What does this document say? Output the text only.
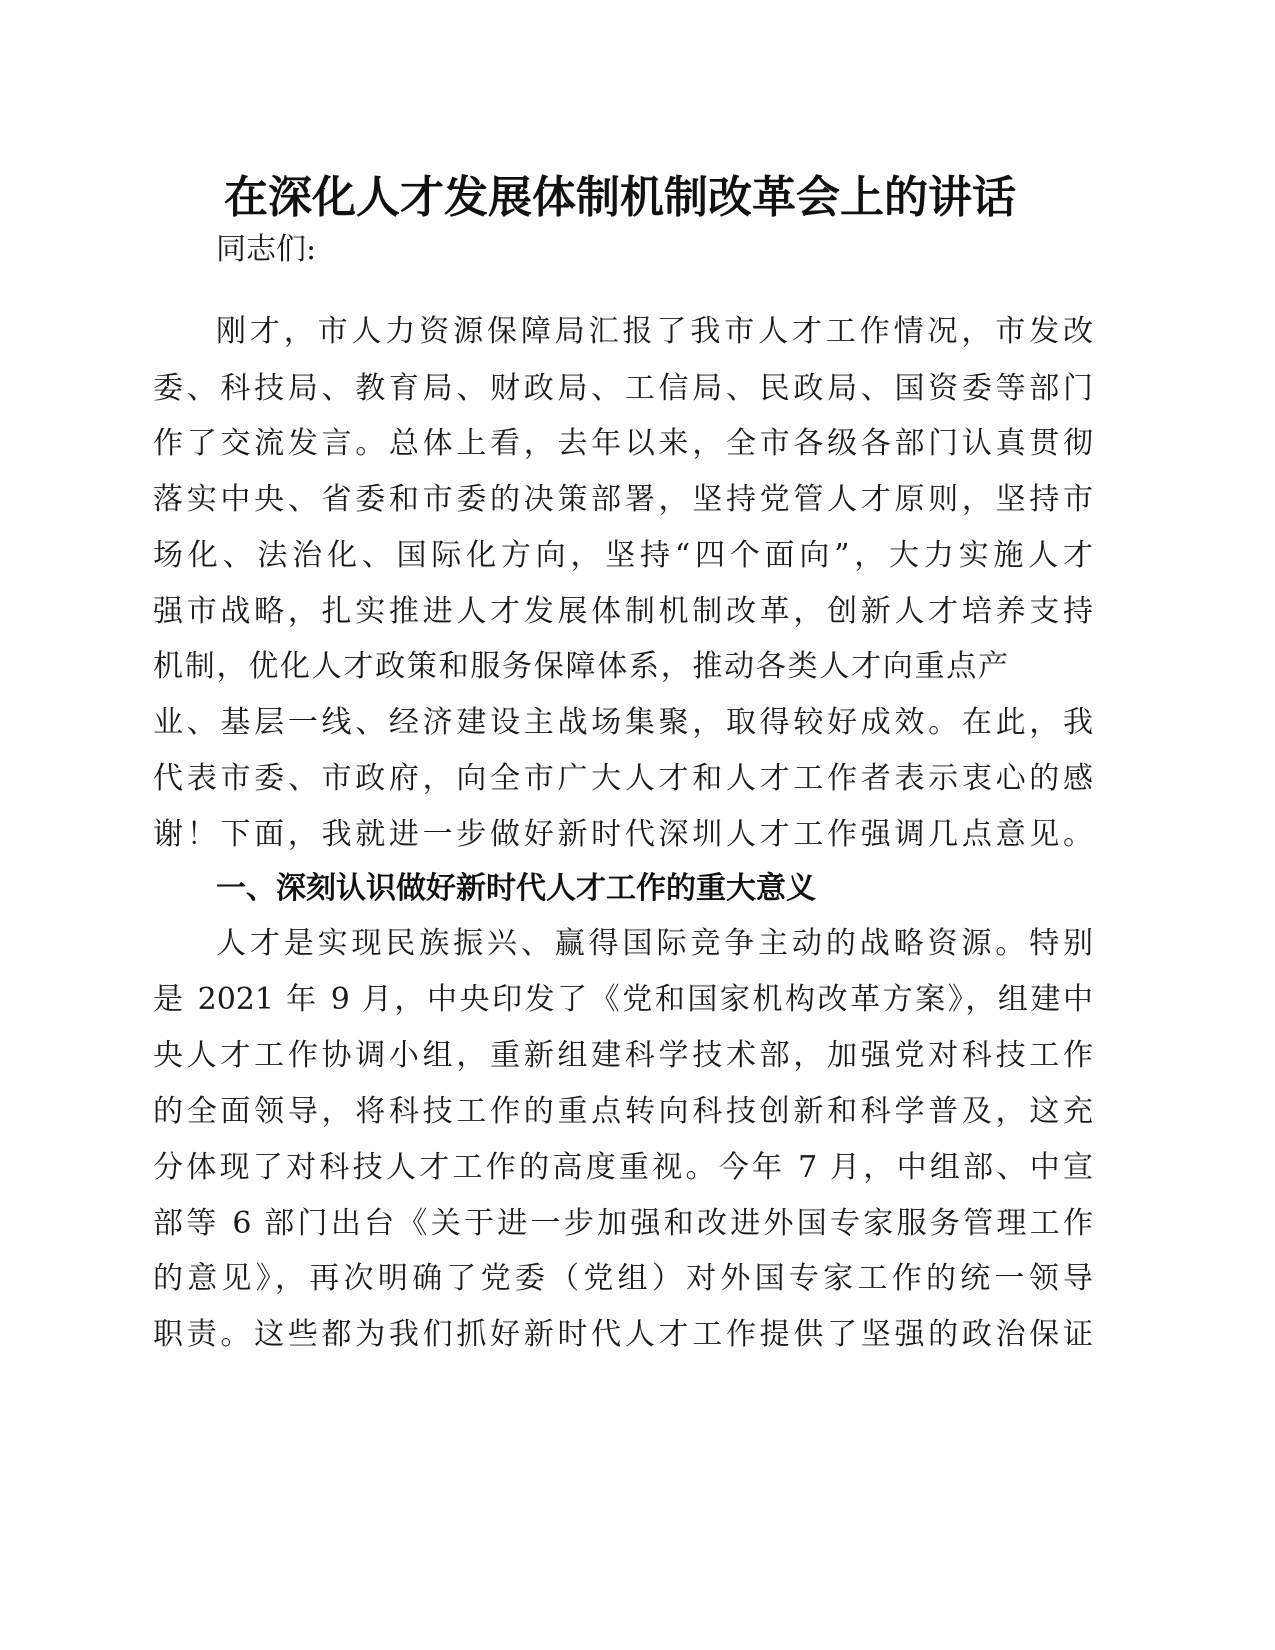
在深化人才发展体制机制改革会上的讲话
同志们:
刚才，市人力资源保障局汇报了我市人才工作情况，市发改
委、科技局、教育局、财政局、工信局、民政局、国资委等部门
作了交流发言。总体上看，去年以来，全市各级各部门认真贯彻
落实中央、省委和市委的决策部署，坚持党管人才原则，坚持市
场化、法治化、国际化方向，坚持“四个面向”，大力实施人才
强市战略，扎实推进人才发展体制机制改革，创新人才培养支持
机制，优化人才政策和服务保障体系，推动各类人才向重点产
业、基层一线、经济建设主战场集聚，取得较好成效。在此，我
代表市委、市政府，向全市广大人才和人才工作者表示衷心的感
谢！下面，我就进一步做好新时代深圳人才工作强调几点意见。
一、深刻认识做好新时代人才工作的重大意义
人才是实现民族振兴、赢得国际竞争主动的战略资源。特别
是 2021 年 9 月，中央印发了《党和国家机构改革方案》，组建中
央人才工作协调小组，重新组建科学技术部，加强党对科技工作
的全面领导，将科技工作的重点转向科技创新和科学普及，这充
分体现了对科技人才工作的高度重视。今年 7 月，中组部、中宣
部等 6 部门出台《关于进一步加强和改进外国专家服务管理工作
的意见》，再次明确了党委（党组）对外国专家工作的统一领导
职责。这些都为我们抓好新时代人才工作提供了坚强的政治保证
